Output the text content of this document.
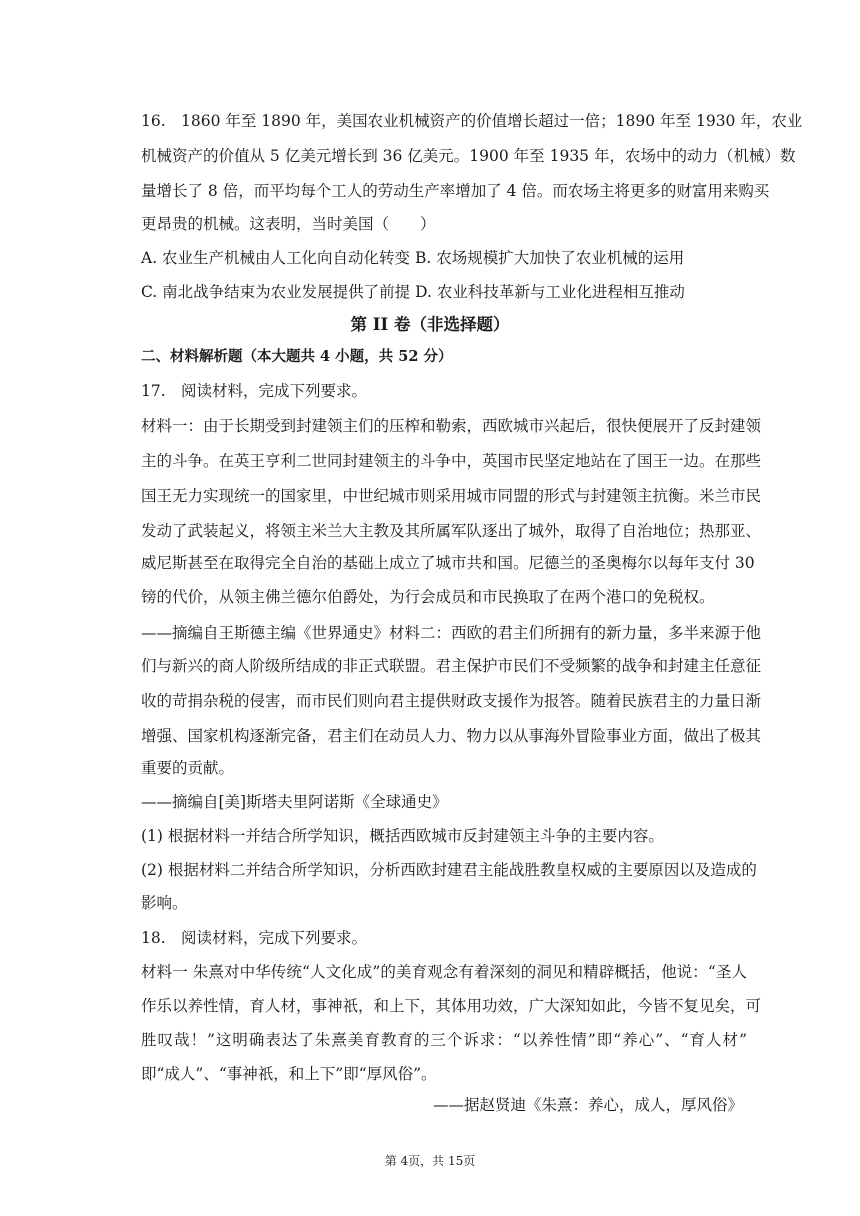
16. 1860 年至 1890 年，美国农业机械资产的价值增长超过一倍；1890 年至 1930 年，农业
机械资产的价值从 5 亿美元增长到 36 亿美元。1900 年至 1935 年，农场中的动力（机械）数
量增长了 8 倍，而平均每个工人的劳动生产率增加了 4 倍。而农场主将更多的财富用来购买
更昂贵的机械。这表明，当时美国（　　）
A. 农业生产机械由人工化向自动化转变 B. 农场规模扩大加快了农业机械的运用
C. 南北战争结束为农业发展提供了前提 D. 农业科技革新与工业化进程相互推动
第 II 卷（非选择题）
二、材料解析题（本大题共 4 小题，共 52 分）
17. 阅读材料，完成下列要求。
材料一：由于长期受到封建领主们的压榨和勒索，西欧城市兴起后，很快便展开了反封建领
主的斗争。在英王亨利二世同封建领主的斗争中，英国市民坚定地站在了国王一边。在那些
国王无力实现统一的国家里，中世纪城市则采用城市同盟的形式与封建领主抗衡。米兰市民
发动了武装起义，将领主米兰大主教及其所属军队逐出了城外，取得了自治地位；热那亚、
威尼斯甚至在取得完全自治的基础上成立了城市共和国。尼德兰的圣奥梅尔以每年支付 30
镑的代价，从领主佛兰德尔伯爵处，为行会成员和市民换取了在两个港口的免税权。
——摘编自王斯德主编《世界通史》材料二：西欧的君主们所拥有的新力量，多半来源于他
们与新兴的商人阶级所结成的非正式联盟。君主保护市民们不受频繁的战争和封建主任意征
收的苛捐杂税的侵害，而市民们则向君主提供财政支援作为报答。随着民族君主的力量日渐
增强、国家机构逐渐完备，君主们在动员人力、物力以从事海外冒险事业方面，做出了极其
重要的贡献。
——摘编自[美]斯塔夫里阿诺斯《全球通史》
(1) 根据材料一并结合所学知识，概括西欧城市反封建领主斗争的主要内容。
(2) 根据材料二并结合所学知识，分析西欧封建君主能战胜教皇权威的主要原因以及造成的
影响。
18. 阅读材料，完成下列要求。
材料一 朱熹对中华传统“人文化成”的美育观念有着深刻的洞见和精辟概括，他说：“圣人
作乐以养性情，育人材，事神祇，和上下，其体用功效，广大深知如此，今皆不复见矣，可
胜叹哉！”这明确表达了朱熹美育教育的三个诉求：“以养性情”即“养心”、“育人材”
即“成人”、“事神祇，和上下”即“厚风俗”。
——据赵贤迪《朱熹：养心，成人，厚风俗》
第 4页，共 15页
